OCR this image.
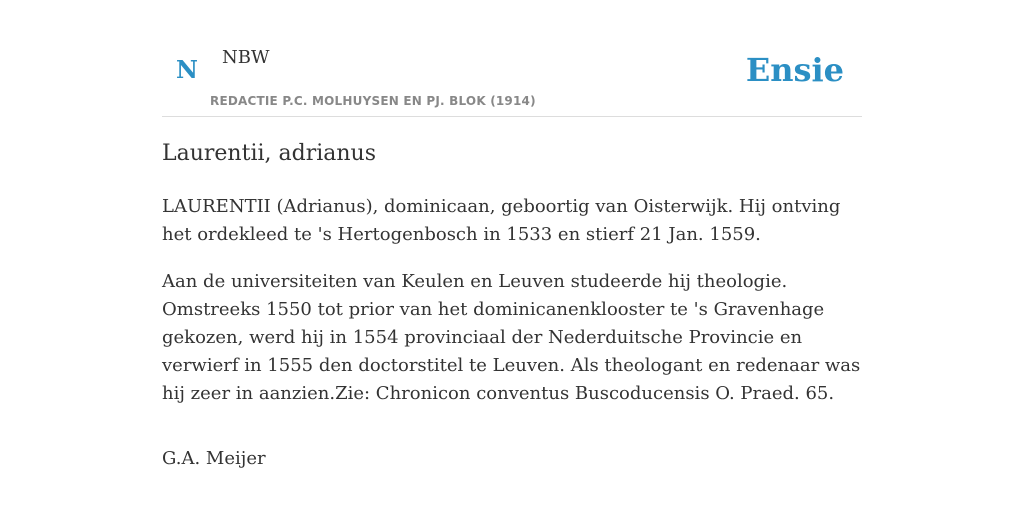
N NBW
REDACTIE P.C. MOLHUYSEN EN PJ. BLOK (1914)
Ensie
Laurentii, adrianus

LAURENTII (Adrianus), dominicaan, geboortig van Oisterwijk. Hij ontving het ordekleed te 's Hertogenbosch in 1533 en stierf 21 Jan. 1559.

Aan de universiteiten van Keulen en Leuven studeerde hij theologie. Omstreeks 1550 tot prior van het dominicanenklooster te 's Gravenhage gekozen, werd hij in 1554 provinciaal der Nederduitsche Provincie en verwierf in 1555 den doctorstitel te Leuven. Als theologant en redenaar was hij zeer in aanzien.Zie: Chronicon conventus Buscoducensis O. Praed. 65.

G.A. Meijer
